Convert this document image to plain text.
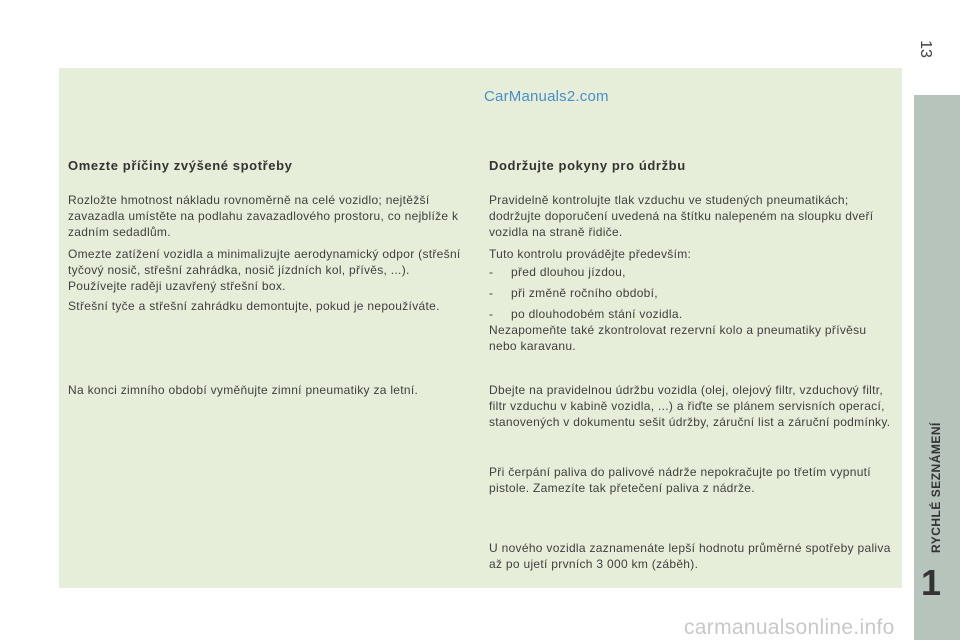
13
CarManuals2.com
RYCHLÉ SEZNÁMENÍ
1
Omezte příčiny zvýšené spotřeby

Rozložte hmotnost nákladu rovnoměrně na celé vozidlo; nejtěžší zavazadla umístěte na podlahu zavazadlového prostoru, co nejblíže k zadním sedadlům.

Omezte zatížení vozidla a minimalizujte aerodynamický odpor (střešní tyčový nosič, střešní zahrádka, nosič jízdních kol, přívěs, ...). Používejte raději uzavřený střešní box.

Střešní tyče a střešní zahrádku demontujte, pokud je nepoužíváte.

Na konci zimního období vyměňujte zimní pneumatiky za letní.

Dodržujte pokyny pro údržbu

Pravidelně kontrolujte tlak vzduchu ve studených pneumatikách; dodržujte doporučení uvedená na štítku nalepeném na sloupku dveří vozidla na straně řidiče.

Tuto kontrolu provádějte především:

- před dlouhou jízdou,
- při změně ročního období,
- po dlouhodobém stání vozidla.

Nezapomeňte také zkontrolovat rezervní kolo a pneumatiky přívěsu nebo karavanu.

Dbejte na pravidelnou údržbu vozidla (olej, olejový filtr, vzduchový filtr, filtr vzduchu v kabině vozidla, ...) a řiďte se plánem servisních operací, stanovených v dokumentu sešit údržby, záruční list a záruční podmínky.

Při čerpání paliva do palivové nádrže nepokračujte po třetím vypnutí pistole. Zamezíte tak přetečení paliva z nádrže.

U nového vozidla zaznamenáte lepší hodnotu průměrné spotřeby paliva až po ujetí prvních 3 000 km (záběh).

carmanualsonline.info
